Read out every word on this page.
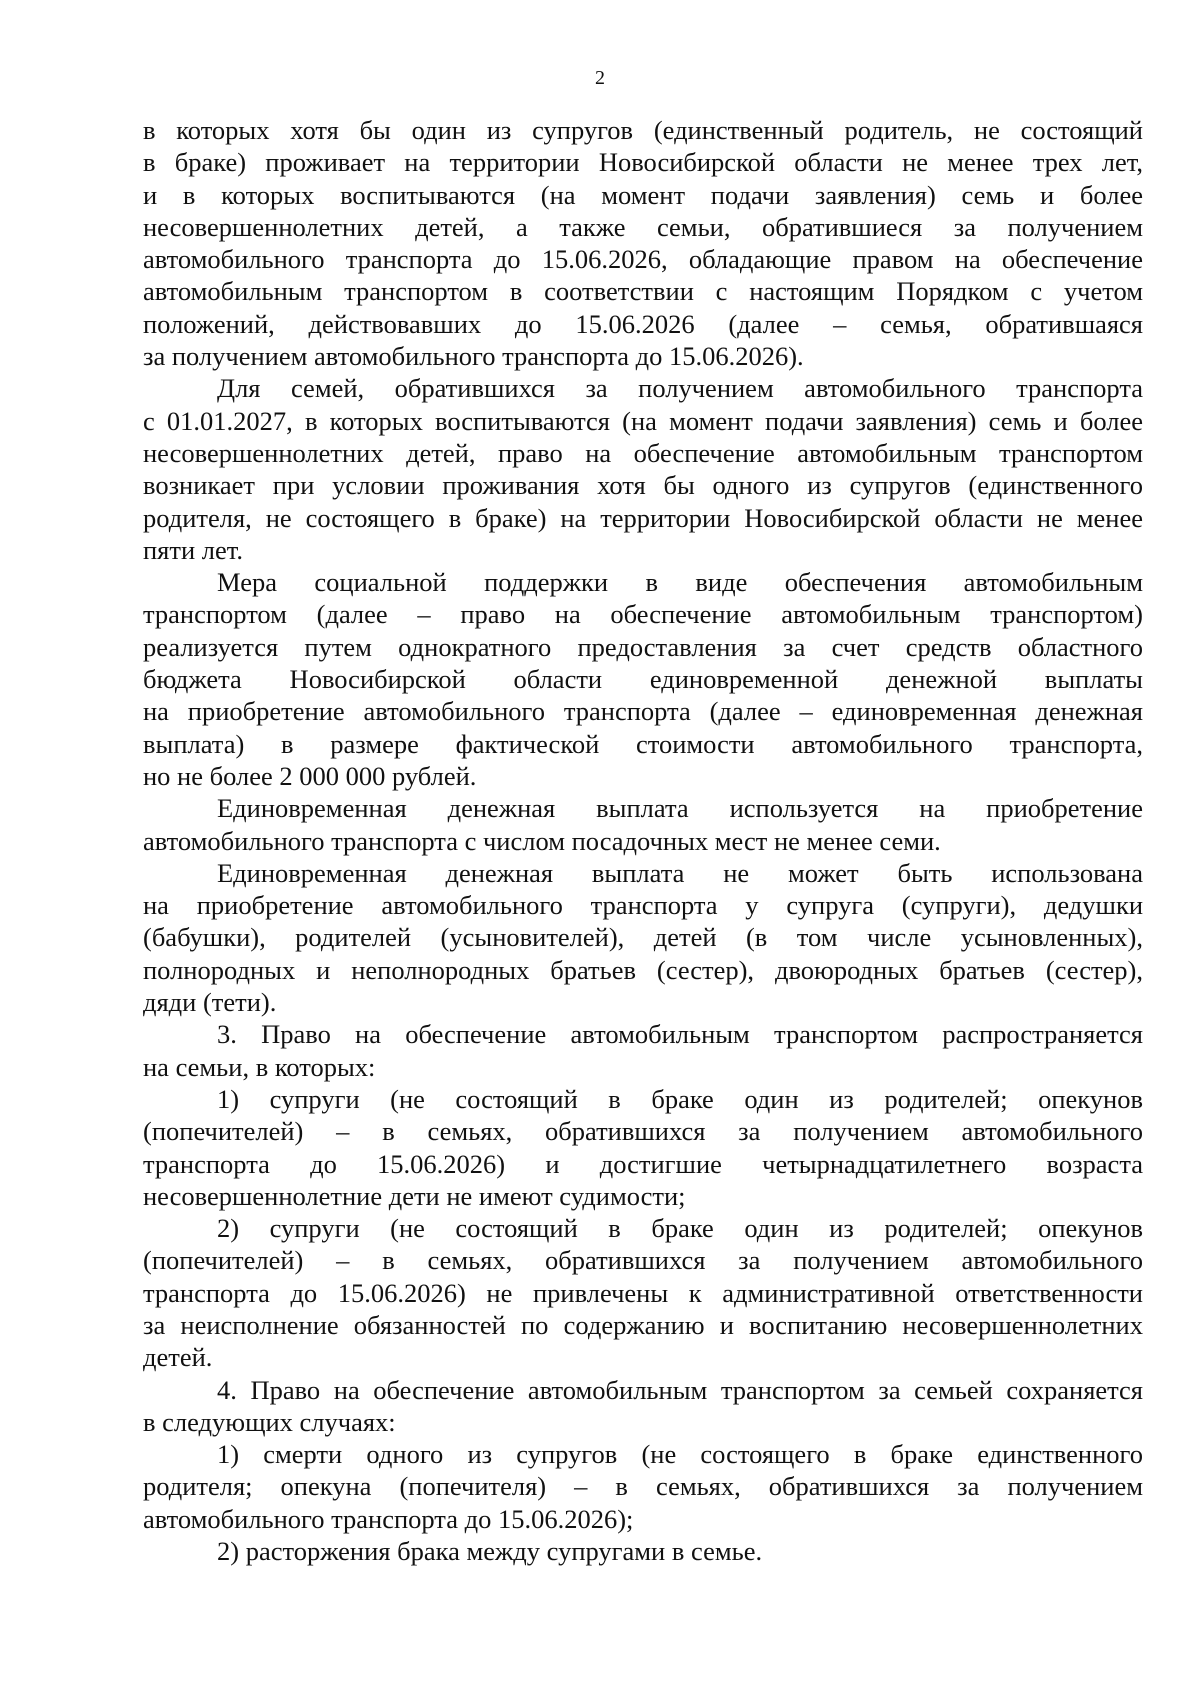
2
в которых хотя бы один из супругов (единственный родитель, не состоящий
в браке) проживает на территории Новосибирской области не менее трех лет,
и в которых воспитываются (на момент подачи заявления) семь и более
несовершеннолетних детей, а также семьи, обратившиеся за получением
автомобильного транспорта до 15.06.2026, обладающие правом на обеспечение
автомобильным транспортом в соответствии с настоящим Порядком с учетом
положений, действовавших до 15.06.2026 (далее – семья, обратившаяся
за получением автомобильного транспорта до 15.06.2026).
Для семей, обратившихся за получением автомобильного транспорта
с 01.01.2027, в которых воспитываются (на момент подачи заявления) семь и более
несовершеннолетних детей, право на обеспечение автомобильным транспортом
возникает при условии проживания хотя бы одного из супругов (единственного
родителя, не состоящего в браке) на территории Новосибирской области не менее
пяти лет.
Мера социальной поддержки в виде обеспечения автомобильным
транспортом (далее – право на обеспечение автомобильным транспортом)
реализуется путем однократного предоставления за счет средств областного
бюджета Новосибирской области единовременной денежной выплаты
на приобретение автомобильного транспорта (далее – единовременная денежная
выплата) в размере фактической стоимости автомобильного транспорта,
но не более 2 000 000 рублей.
Единовременная денежная выплата используется на приобретение
автомобильного транспорта с числом посадочных мест не менее семи.
Единовременная денежная выплата не может быть использована
на приобретение автомобильного транспорта у супруга (супруги), дедушки
(бабушки), родителей (усыновителей), детей (в том числе усыновленных),
полнородных и неполнородных братьев (сестер), двоюродных братьев (сестер),
дяди (тети).
3. Право на обеспечение автомобильным транспортом распространяется
на семьи, в которых:
1) супруги (не состоящий в браке один из родителей; опекунов
(попечителей) – в семьях, обратившихся за получением автомобильного
транспорта до 15.06.2026) и достигшие четырнадцатилетнего возраста
несовершеннолетние дети не имеют судимости;
2) супруги (не состоящий в браке один из родителей; опекунов
(попечителей) – в семьях, обратившихся за получением автомобильного
транспорта до 15.06.2026) не привлечены к административной ответственности
за неисполнение обязанностей по содержанию и воспитанию несовершеннолетних
детей.
4. Право на обеспечение автомобильным транспортом за семьей сохраняется
в следующих случаях:
1) смерти одного из супругов (не состоящего в браке единственного
родителя; опекуна (попечителя) – в семьях, обратившихся за получением
автомобильного транспорта до 15.06.2026);
2) расторжения брака между супругами в семье.
